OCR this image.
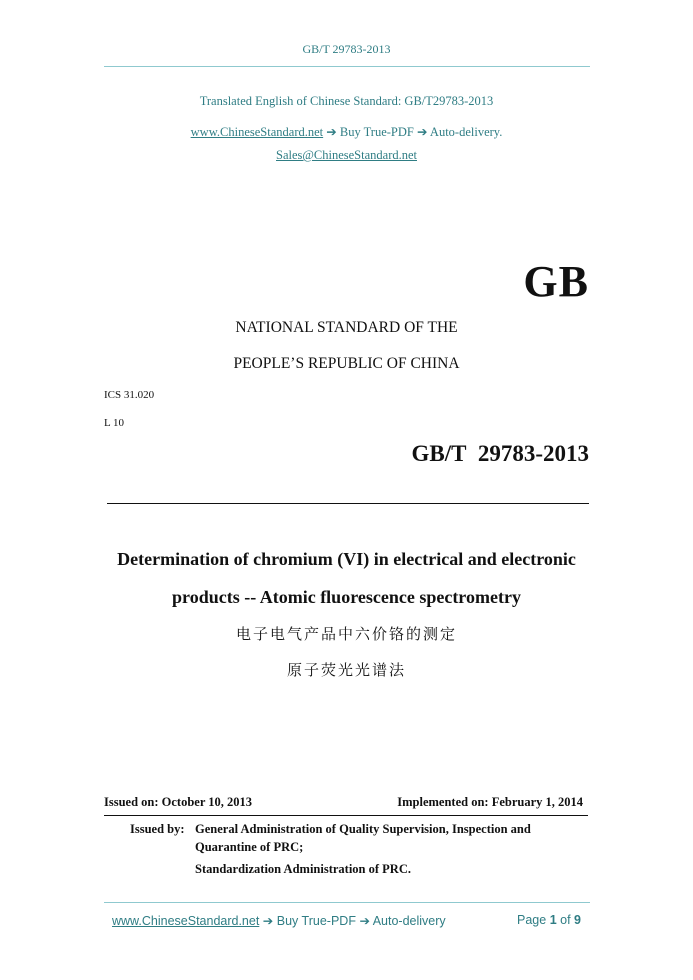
GB/T 29783-2013
Translated English of Chinese Standard: GB/T29783-2013
www.ChineseStandard.net ➔ Buy True-PDF ➔ Auto-delivery.
Sales@ChineseStandard.net
GB
NATIONAL STANDARD OF THE
PEOPLE’S REPUBLIC OF CHINA
ICS 31.020
L 10
GB/T 29783-2013
Determination of chromium (VI) in electrical and electronic
products -- Atomic fluorescence spectrometry
电子电气产品中六价铬的测定
原子荧光光谱法
Issued on: October 10, 2013	Implemented on: February 1, 2014
Issued by: General Administration of Quality Supervision, Inspection and
Quarantine of PRC;
Standardization Administration of PRC.
www.ChineseStandard.net ➔ Buy True-PDF ➔ Auto-delivery	Page 1 of 9
